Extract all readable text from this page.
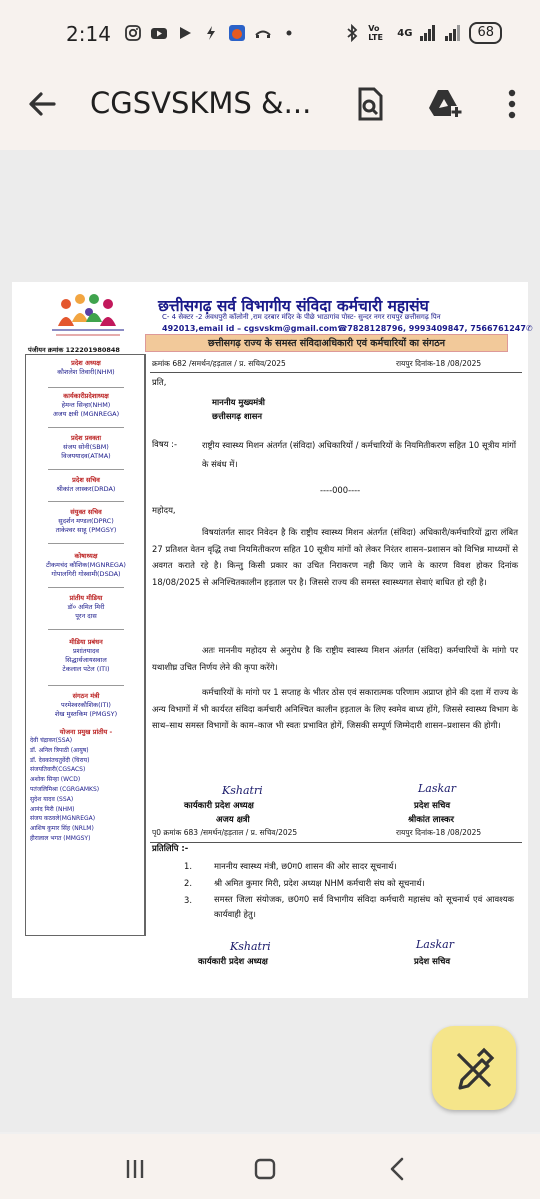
2:14	Vo LTE	4G	68
CGSVSKMS &...
छत्तीसगढ़ सर्व विभागीय संविदा कर्मचारी महासंघ
C- 4 सेक्टर -2 अवधपुरी कॉलोनी ,राम दरबार मंदिर के पीछे भाठागांव पोस्ट- सुन्दर नगर रायपुर छत्तीसगढ़ पिन
492013,email id – cgsvskm@gmail.com☎7828128796, 9993409847, 7566761247✆
छत्तीसगढ़ राज्य के समस्त संविदाअधिकारी एवं कर्मचारियों का संगठन
पंजीयन क्रमांक 122201980848
प्रदेश अध्यक्ष
कौशलेश तिवारी(NHM)
कार्यकारीप्रदेशाध्यक्ष
हेमन्त सिन्हा(NHM)
अजय क्षत्री (MGNREGA)
प्रदेश प्रवक्ता
संजय सोनी(SBM)
विजययादव(ATMA)
प्रदेश सचिव
श्रीकांत लास्कर(DRDA)
संयुक्त सचिव
सुदर्शन मण्डल(DPRC)
ताकेश्वर साहू (PMGSY)
कोषाध्यक्ष
टीकमचंद कौशिक(MGNREGA)
गोपालगिरी गोस्वामी(DSDA)
प्रांतीय मीडिया
डॉ० अमित मिरी
पूरन दास
मीडिया प्रबंधन
प्रशांतयादव
सिद्धार्थजायसवाल
टेकलाल पटेल (ITI)
संगठन मंत्री
परमेश्वरकौशिक(ITI)
शेख मुस्तकिम (PMGSY)
योजना प्रमुख प्रांतीय -
देवी चंद्राकर(SSA)
डॉ. अनिल त्रिपाठी (आयुष)
डॉ. देवकांतचतुर्वेदी (चिराय)
संजयतिवारी(CGSACS)
अशोक सिन्हा (WCD)
पतंजलिमिश्रा (CGRGAMKS)
सुदेश यादव (SSA)
आनंद मिरी (NHM)
संजय कठवले(MGNREGA)
आशिष कुमार सिंह (NRLM)
हीरालाल भगत (MMGSY)
क्रमांक 682 /समर्थन/हड़ताल / प्र. सचिव/2025	रायपुर दिनांक-18 /08/2025
प्रति,
माननीय मुख्यमंत्री
छत्तीसगढ़ शासन
विषय :-	राष्ट्रीय स्वास्थ्य मिशन अंतर्गत (संविदा) अधिकारियों / कर्मचारियों के नियमितीकरण सहित 10 सूत्रीय मांगों के संबंध में।
----000----
महोदय,
विषयांतर्गत सादर निवेदन है कि राष्ट्रीय स्वास्थ्य मिशन अंतर्गत (संविदा) अधिकारी/कर्मचारियों द्वारा लंबित 27 प्रतिशत वेतन वृद्धि तथा नियमितीकरण सहित 10 सूत्रीय मांगों को लेकर निरंतर शासन–प्रशासन को विभिन्न माध्यमों से अवगत कराते रहे है। किन्तु किसी प्रकार का उचित निराकरण नही किए जाने के कारण विवश होकर दिनांक 18/08/2025 से अनिश्चितकालीन हड़ताल पर है। जिससे राज्य की समस्त स्वास्थ्यगत सेवाएं बाधित हो रही है।
अतः माननीय महोदय से अनुरोध है कि राष्ट्रीय स्वास्थ्य मिशन अंतर्गत (संविदा) कर्मचारियों के मांगो पर यथाशीघ्र उचित निर्णय लेने की कृपा करेंगे।
कर्मचारियों के मांगो पर 1 सप्ताह के भीतर ठोस एवं सकारात्मक परिणाम अप्राप्त होने की दशा में राज्य के अन्य विभागों में भी कार्यरत संविदा कर्मचारी अनिश्चित कालीन हड़ताल के लिए स्वमेव बाध्य होंगे, जिससे स्वास्थ्य विभाग के साथ–साथ समस्त विभागों के काम–काज भी स्वतः प्रभावित होगें, जिसकी सम्पूर्ण जिम्मेदारी शासन–प्रशासन की होगी।
Kshatri	Laskar
कार्यकारी प्रदेश अध्यक्ष
अजय क्षत्री
प्रदेश सचिव
श्रीकांत लास्कर
पृ0 क्रमांक 683 /समर्थन/हड़ताल / प्र. सचिव/2025	रायपुर दिनांक-18 /08/2025
प्रतिलिपि :-
1.	माननीय स्वास्थ्य मंत्री, छ0ग0 शासन की ओर सादर सूचनार्थ।
2.	श्री अमित कुमार मिरी, प्रदेश अध्यक्ष NHM कर्मचारी संघ को सूचनार्थ।
3.	समस्त जिला संयोजक, छ0ग0 सर्व विभागीय संविदा कर्मचारी महासंघ को सूचनार्थ एवं आवश्यक कार्यवाही हेतु।
Kshatri	Laskar
कार्यकारी प्रदेश अध्यक्ष	प्रदेश सचिव
